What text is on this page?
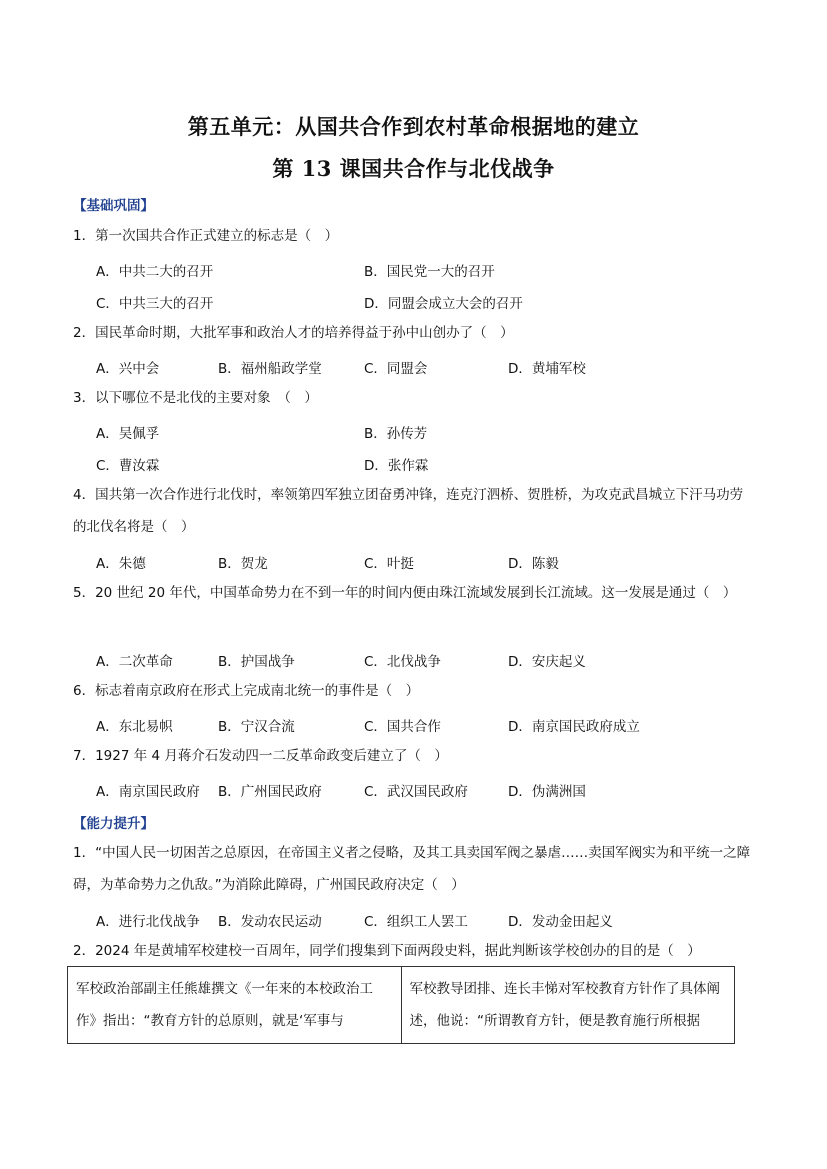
第五单元：从国共合作到农村革命根据地的建立
第 13 课国共合作与北伐战争
【基础巩固】
1．第一次国共合作正式建立的标志是（　）
A．中共二大的召开	B．国民党一大的召开
C．中共三大的召开	D．同盟会成立大会的召开
2．国民革命时期，大批军事和政治人才的培养得益于孙中山创办了（　）
A．兴中会	B．福州船政学堂	C．同盟会	D．黄埔军校
3．以下哪位不是北伐的主要对象　（　）
A．吴佩孚	B．孙传芳
C．曹汝霖	D．张作霖
4．国共第一次合作进行北伐时，率领第四军独立团奋勇冲锋，连克汀泗桥、贺胜桥，为攻克武昌城立下汗马功劳的北伐名将是（　）
A．朱德	B．贺龙	C．叶挺	D．陈毅
5．20 世纪 20 年代，中国革命势力在不到一年的时间内便由珠江流域发展到长江流域。这一发展是通过（　）
A．二次革命	B．护国战争	C．北伐战争	D．安庆起义
6．标志着南京政府在形式上完成南北统一的事件是（　）
A．东北易帜	B．宁汉合流	C．国共合作	D．南京国民政府成立
7．1927 年 4 月蒋介石发动四一二反革命政变后建立了（　）
A．南京国民政府 B．广州国民政府	C．武汉国民政府	D．伪满洲国
【能力提升】
1．“中国人民一切困苦之总原因，在帝国主义者之侵略，及其工具卖国军阀之暴虐……卖国军阀实为和平统一之障碍，为革命势力之仇敌。”为消除此障碍，广州国民政府决定（　）
A．进行北伐战争 B．发动农民运动	C．组织工人罢工	D．发动金田起义
2．2024 年是黄埔军校建校一百周年，同学们搜集到下面两段史料，据此判断该学校创办的目的是（　）
军校政治部副主任熊雄撰文《一年来的本校政治工作》指出：“教育方针的总原则，就是‘军事与	军校教导团排、连长丰悌对军校教育方针作了具体阐述，他说：“所谓教育方针，便是教育施行所根据
